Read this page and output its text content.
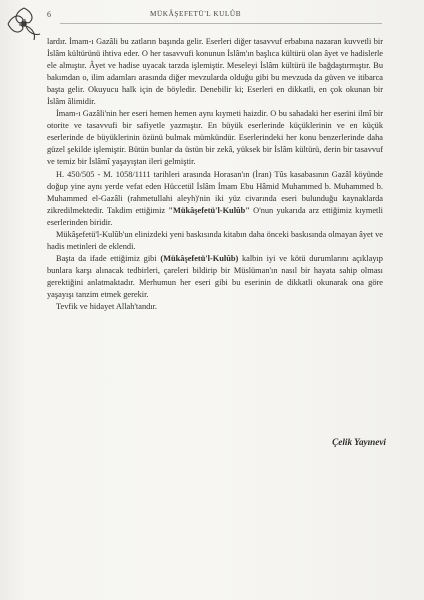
6	MÜKÂŞEFETÜ'L KULÛB

lardır. İmam-ı Gazâli bu zatların başında gelir. Eserleri diğer tasavvuf erbabına nazaran kuvvetli bir İslâm kültürünü ihtiva eder. O her tasavvufi konunun İslâm'ın başlıca kültürü olan âyet ve hadislerle ele almıştır. Âyet ve hadise uyacak tarzda işlemiştir. Meseleyi İslâm kültürü ile bağdaştırmıştır. Bu bakımdan o, ilim adamları arasında diğer mevzularda olduğu gibi bu mevzuda da güven ve itibarca başta gelir. Okuyucu halk için de böyledir. Denebilir ki; Eserleri en dikkatli, en çok okunan bir İslâm âlimidir.

İmam-ı Gazâli'nin her eseri hemen hemen aynı kıymeti haizdir. O bu sahadaki her eserini ilmî bir otorite ve tasavvufi bir safiyetle yazmıştır. En büyük eserlerinde küçüklerinin ve en küçük eserlerinde de büyüklerinin özünü bulmak mümkündür. Eserlerindeki her konu benzerlerinde daha güzel şekilde işlemiştir. Bütün bunlar da üstün bir zekâ, yüksek bir İslâm kültürü, derin bir tasavvuf ve temiz bir İslâmî yaşayıştan ileri gelmiştir.

H. 450/505 - M. 1058/1111 tarihleri arasında Horasan'ın (İran) Tûs kasabasının Gazâl köyünde doğup yine aynı yerde vefat eden Hüccetül İslâm İmam Ebu Hâmid Muhammed b. Muhammed b. Muhammed el-Gazâli (rahmetullahi aleyh)'nin iki yüz civarında eseri bulunduğu kaynaklarda zikredilmektedir. Takdim ettiğimiz "Mükâşefetü'l-Kulûb" O'nun yukarıda arz ettiğimiz kıymetli eserlerinden biridir.

Mükâşefetü'l-Kulûb'un elinizdeki yeni baskısında kitabın daha önceki baskısında olmayan âyet ve hadis metinleri de eklendi.

Başta da ifade ettiğimiz gibi (Mükâşefetü'l-Kulûb) kalbin iyi ve kötü durumlarını açıklayıp bunlara karşı alınacak tedbirleri, çareleri bildirip bir Müslüman'ın nasıl bir hayata sahip olması gerektiğini anlatmaktadır. Merhumun her eseri gibi bu eserinin de dikkatli okunarak ona göre yaşayışı tanzim etmek gerekir.

Tevfik ve hidayet Allah'tandır.

Çelik Yayınevi
